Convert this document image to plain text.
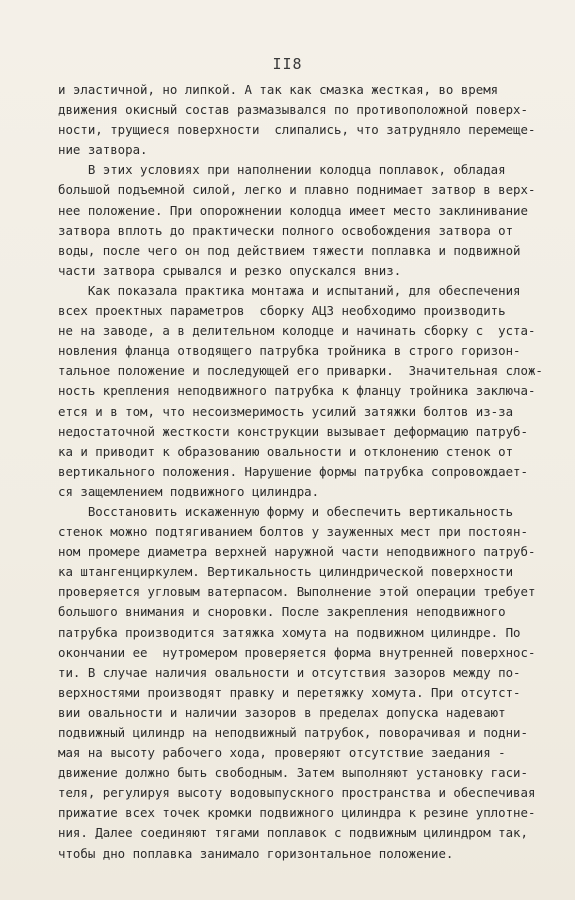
II8
и эластичной, но липкой. А так как смазка жесткая, во время
движения окисный состав размазывался по противоположной поверх-
ности, трущиеся поверхности  слипались, что затрудняло перемеще-
ние затвора.
В этих условиях при наполнении колодца поплавок, обладая
большой подъемной силой, легко и плавно поднимает затвор в верх-
нее положение. При опорожнении колодца имеет место заклинивание
затвора вплоть до практически полного освобождения затвора от
воды, после чего он под действием тяжести поплавка и подвижной
части затвора срывался и резко опускался вниз.
Как показала практика монтажа и испытаний, для обеспечения
всех проектных параметров  сборку АЦЗ необходимо производить
не на заводе, а в делительном колодце и начинать сборку с  уста-
новления фланца отводящего патрубка тройника в строго горизон-
тальное положение и последующей его приварки.  Значительная слож-
ность крепления неподвижного патрубка к фланцу тройника заключа-
ется и в том, что несоизмеримость усилий затяжки болтов из-за
недостаточной жесткости конструкции вызывает деформацию патруб-
ка и приводит к образованию овальности и отклонению стенок от
вертикального положения. Нарушение формы патрубка сопровождает-
ся защемлением подвижного цилиндра.
Восстановить искаженную форму и обеспечить вертикальность
стенок можно подтягиванием болтов у зауженных мест при постоян-
ном промере диаметра верхней наружной части неподвижного патруб-
ка штангенциркулем. Вертикальность цилиндрической поверхности
проверяется угловым ватерпасом. Выполнение этой операции требует
большого внимания и сноровки. После закрепления неподвижного
патрубка производится затяжка хомута на подвижном цилиндре. По
окончании ее  нутромером проверяется форма внутренней поверхнос-
ти. В случае наличия овальности и отсутствия зазоров между по-
верхностями производят правку и перетяжку хомута. При отсутст-
вии овальности и наличии зазоров в пределах допуска надевают
подвижный цилиндр на неподвижный патрубок, поворачивая и подни-
мая на высоту рабочего хода, проверяют отсутствие заедания -
движение должно быть свободным. Затем выполняют установку гаси-
теля, регулируя высоту водовыпускного пространства и обеспечивая
прижатие всех точек кромки подвижного цилиндра к резине уплотне-
ния. Далее соединяют тягами поплавок с подвижным цилиндром так,
чтобы дно поплавка занимало горизонтальное положение.
